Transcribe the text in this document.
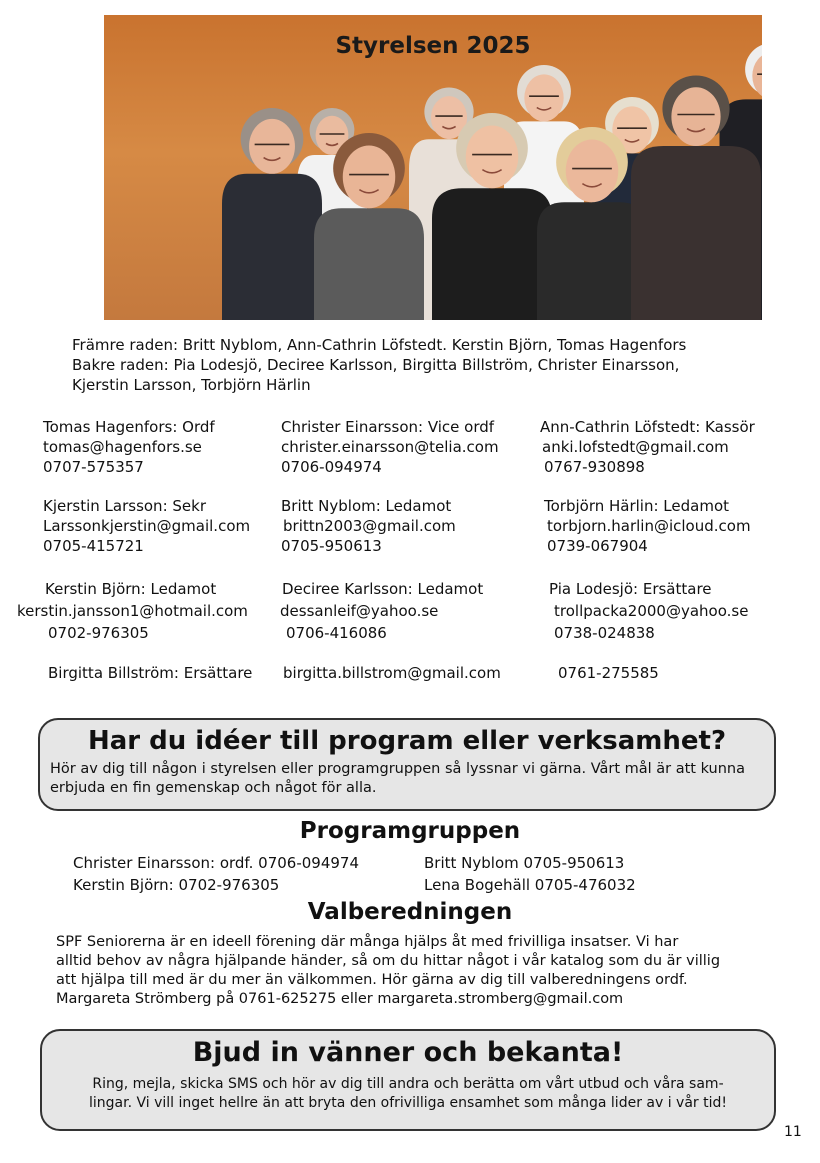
Styrelsen 2025
Främre raden: Britt Nyblom, Ann-Cathrin Löfstedt. Kerstin Björn, Tomas Hagenfors
Bakre raden: Pia Lodesjö, Deciree Karlsson, Birgitta Billström, Christer Einarsson,
Kjerstin Larsson, Torbjörn Härlin
Tomas Hagenfors: Ordf
tomas@hagenfors.se
0707-575357
Christer Einarsson: Vice ordf
christer.einarsson@telia.com
0706-094974
Ann-Cathrin Löfstedt: Kassör
anki.lofstedt@gmail.com
0767-930898
Kjerstin Larsson: Sekr
Larssonkjerstin@gmail.com
0705-415721
Britt Nyblom: Ledamot
brittn2003@gmail.com
0705-950613
Torbjörn Härlin: Ledamot
torbjorn.harlin@icloud.com
0739-067904
Kerstin Björn: Ledamot
kerstin.jansson1@hotmail.com
0702-976305
Deciree Karlsson: Ledamot
dessanleif@yahoo.se
0706-416086
Pia Lodesjö: Ersättare
trollpacka2000@yahoo.se
0738-024838
Birgitta Billström: Ersättare birgitta.billstrom@gmail.com	0761-275585
Har du idéer till program eller verksamhet?
Hör av dig till någon i styrelsen eller programgruppen så lyssnar vi gärna. Vårt mål är att kunna erbjuda en fin gemenskap och något för alla.
Programgruppen
Christer Einarsson: ordf. 0706-094974
Kerstin Björn: 0702-976305
Britt Nyblom 0705-950613
Lena Bogehäll 0705-476032
Valberedningen
SPF Seniorerna är en ideell förening där många hjälps åt med frivilliga insatser. Vi har
alltid behov av några hjälpande händer, så om du hittar något i vår katalog som du är villig
att hjälpa till med är du mer än välkommen. Hör gärna av dig till valberedningens ordf.
Margareta Strömberg på 0761-625275 eller margareta.stromberg@gmail.com
Bjud in vänner och bekanta!
Ring, mejla, skicka SMS och hör av dig till andra och berätta om vårt utbud och våra sam-
lingar. Vi vill inget hellre än att bryta den ofrivilliga ensamhet som många lider av i vår tid!
11
